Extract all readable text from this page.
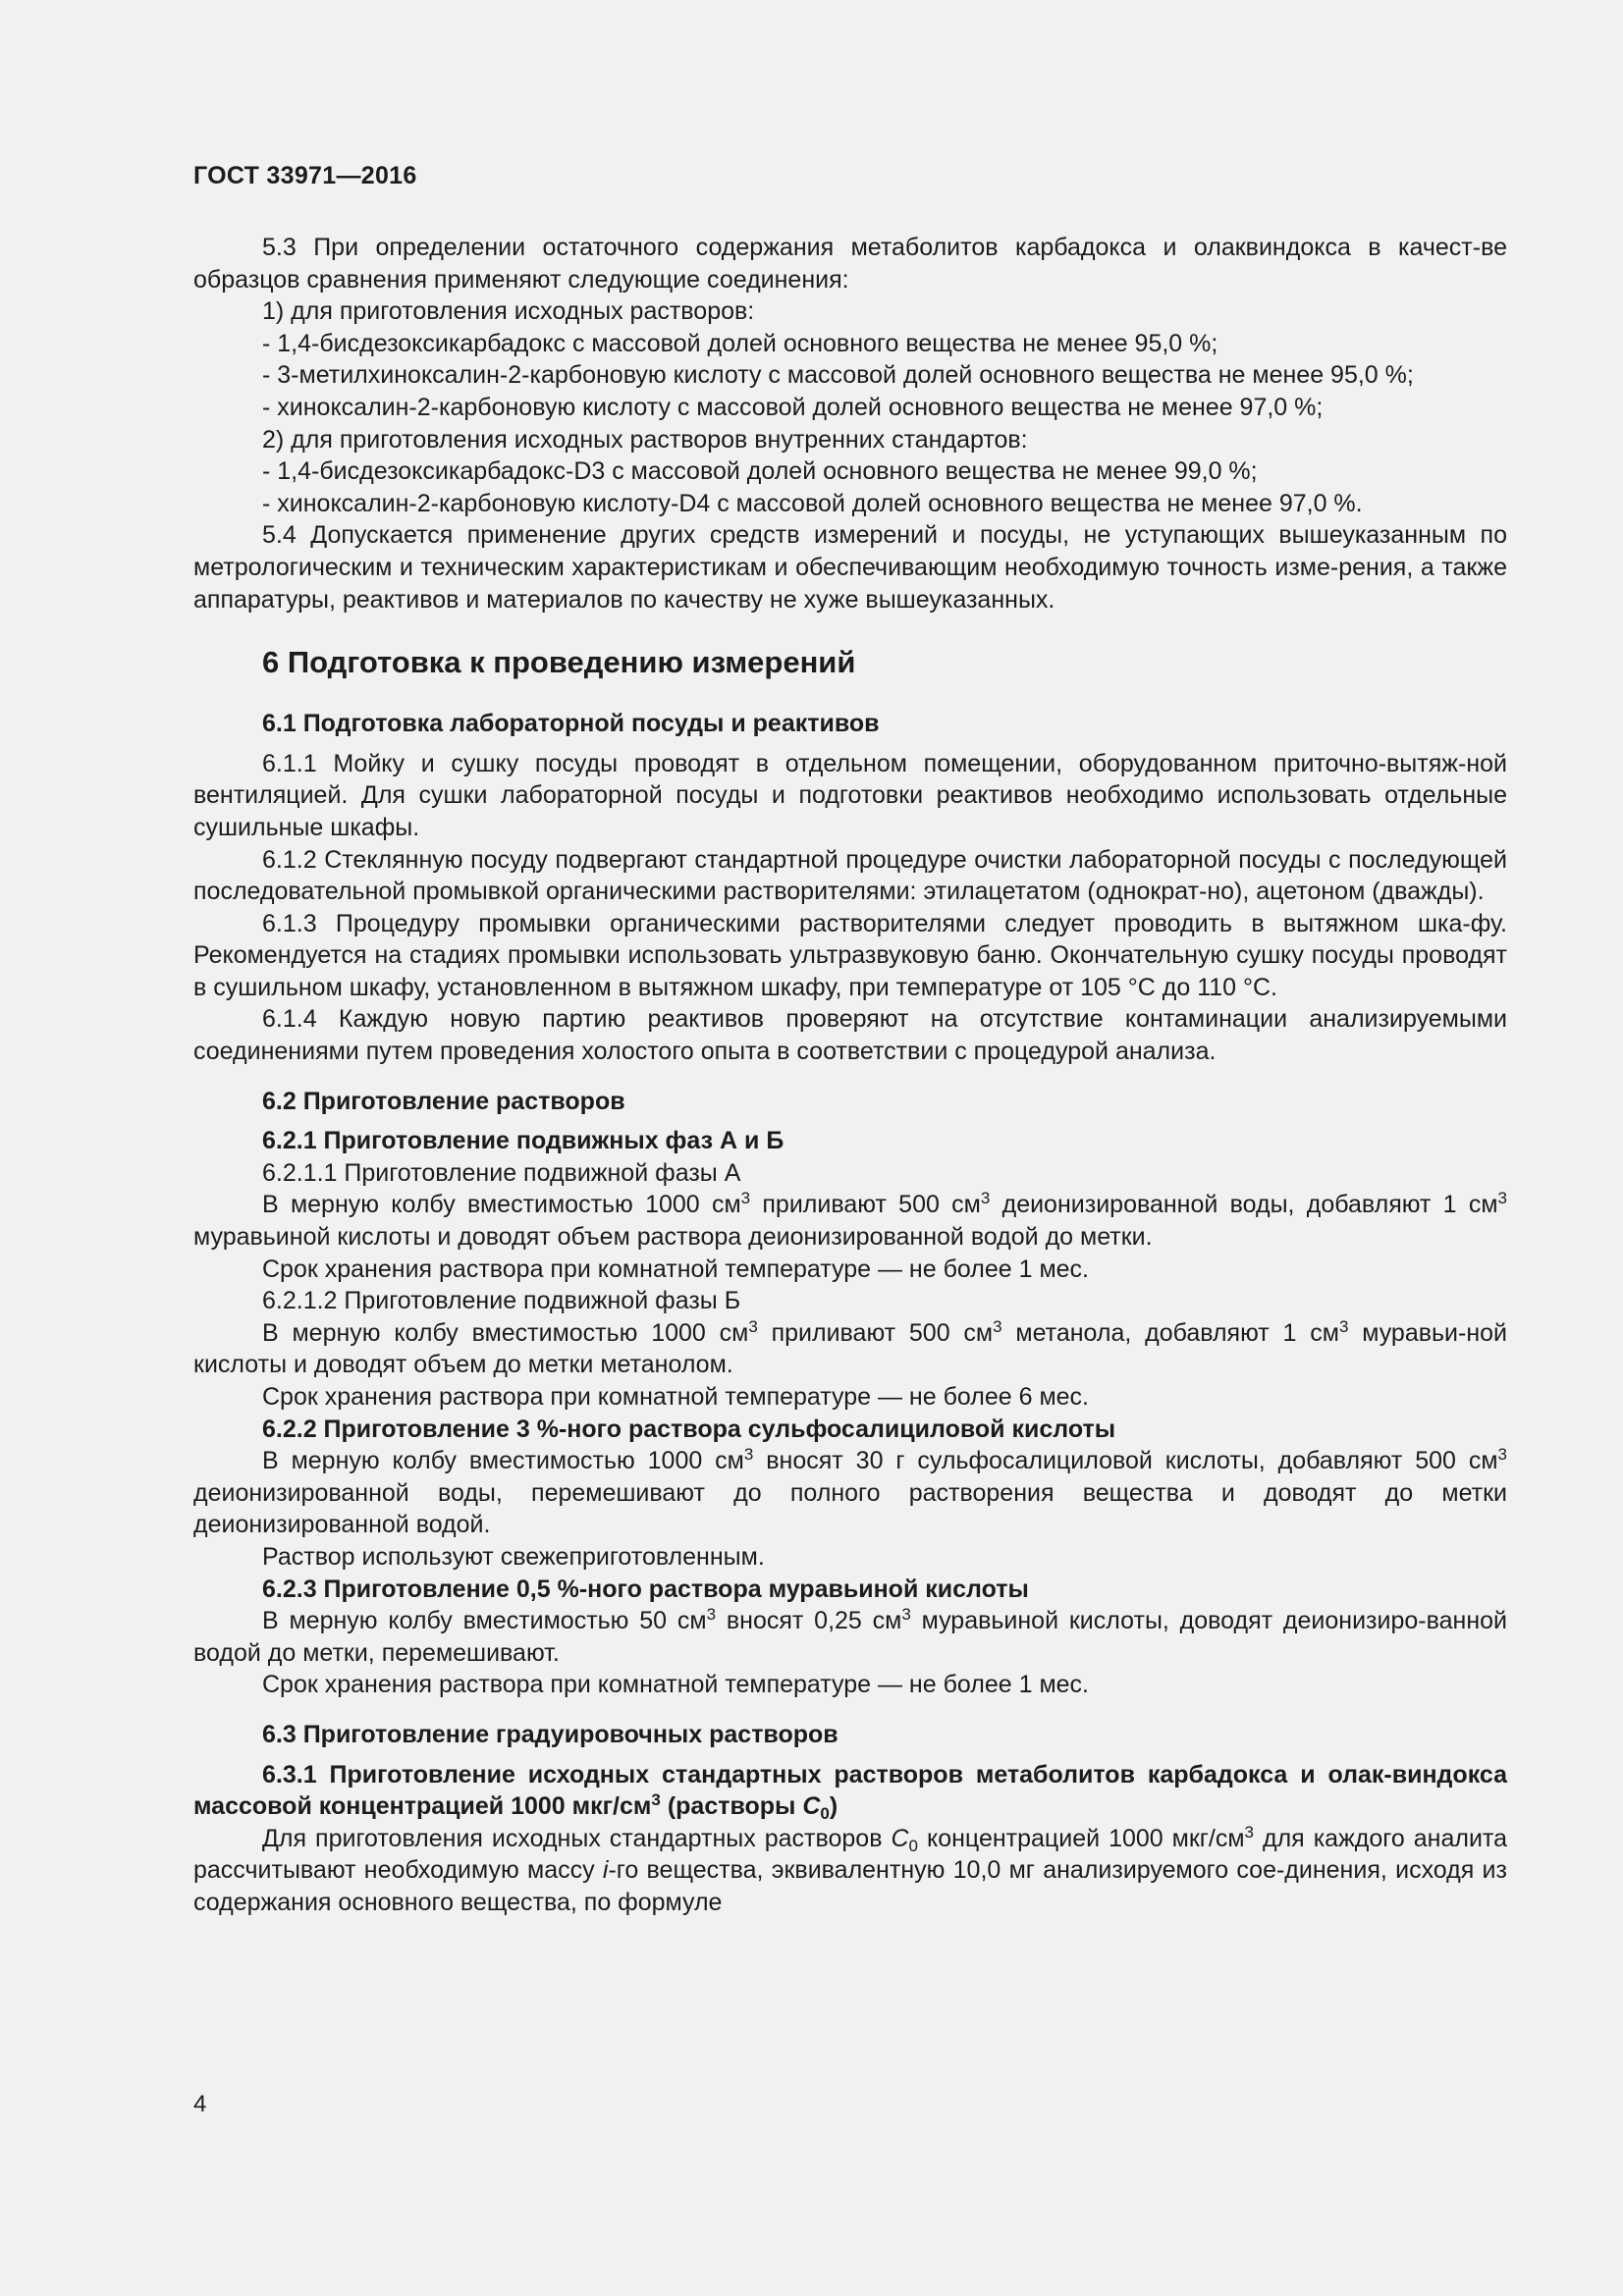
ГОСТ 33971—2016

5.3 При определении остаточного содержания метаболитов карбадокса и олаквиндокса в качест-ве образцов сравнения применяют следующие соединения:

1) для приготовления исходных растворов:

- 1,4-бисдезоксикарбадокс с массовой долей основного вещества не менее 95,0 %;

- 3-метилхиноксалин-2-карбоновую кислоту с массовой долей основного вещества не менее 95,0 %;

- хиноксалин-2-карбоновую кислоту с массовой долей основного вещества не менее 97,0 %;

2) для приготовления исходных растворов внутренних стандартов:

- 1,4-бисдезоксикарбадокс-D3 с массовой долей основного вещества не менее 99,0 %;

- хиноксалин-2-карбоновую кислоту-D4 с массовой долей основного вещества не менее 97,0 %.

5.4 Допускается применение других средств измерений и посуды, не уступающих вышеуказанным по метрологическим и техническим характеристикам и обеспечивающим необходимую точность изме-рения, а также аппаратуры, реактивов и материалов по качеству не хуже вышеуказанных.

6 Подготовка к проведению измерений

6.1 Подготовка лабораторной посуды и реактивов

6.1.1 Мойку и сушку посуды проводят в отдельном помещении, оборудованном приточно-вытяж-ной вентиляцией. Для сушки лабораторной посуды и подготовки реактивов необходимо использовать отдельные сушильные шкафы.

6.1.2 Стеклянную посуду подвергают стандартной процедуре очистки лабораторной посуды с последующей последовательной промывкой органическими растворителями: этилацетатом (однократ-но), ацетоном (дважды).

6.1.3 Процедуру промывки органическими растворителями следует проводить в вытяжном шка-фу. Рекомендуется на стадиях промывки использовать ультразвуковую баню. Окончательную сушку посуды проводят в сушильном шкафу, установленном в вытяжном шкафу, при температуре от 105 °C до 110 °C.

6.1.4 Каждую новую партию реактивов проверяют на отсутствие контаминации анализируемыми соединениями путем проведения холостого опыта в соответствии с процедурой анализа.

6.2 Приготовление растворов

6.2.1 Приготовление подвижных фаз А и Б

6.2.1.1 Приготовление подвижной фазы А

В мерную колбу вместимостью 1000 $см^3$ приливают 500 $см^3$ деионизированной воды, добавляют 1 $см^3$ муравьиной кислоты и доводят объем раствора деионизированной водой до метки.

Срок хранения раствора при комнатной температуре — не более 1 мес.

6.2.1.2 Приготовление подвижной фазы Б

В мерную колбу вместимостью 1000 $см^3$ приливают 500 $см^3$ метанола, добавляют 1 $см^3$ муравьи-ной кислоты и доводят объем до метки метанолом.

Срок хранения раствора при комнатной температуре — не более 6 мес.

6.2.2 Приготовление 3 %-ного раствора сульфосалициловой кислоты

В мерную колбу вместимостью 1000 $см^3$ вносят 30 г сульфосалициловой кислоты, добавляют 500 $см^3$ деионизированной воды, перемешивают до полного растворения вещества и доводят до метки деионизированной водой.

Раствор используют свежеприготовленным.

6.2.3 Приготовление 0,5 %-ного раствора муравьиной кислоты

В мерную колбу вместимостью 50 $см^3$ вносят 0,25 $см^3$ муравьиной кислоты, доводят деионизиро-ванной водой до метки, перемешивают.

Срок хранения раствора при комнатной температуре — не более 1 мес.

6.3 Приготовление градуировочных растворов

6.3.1 Приготовление исходных стандартных растворов метаболитов карбадокса и олак-виндокса массовой концентрацией 1000 мкг/$см^3$ (растворы $C_0$)

Для приготовления исходных стандартных растворов $C_0$ концентрацией 1000 мкг/$см^3$ для каждого аналита рассчитывают необходимую массу i-го вещества, эквивалентную 10,0 мг анализируемого сое-динения, исходя из содержания основного вещества, по формуле

4
